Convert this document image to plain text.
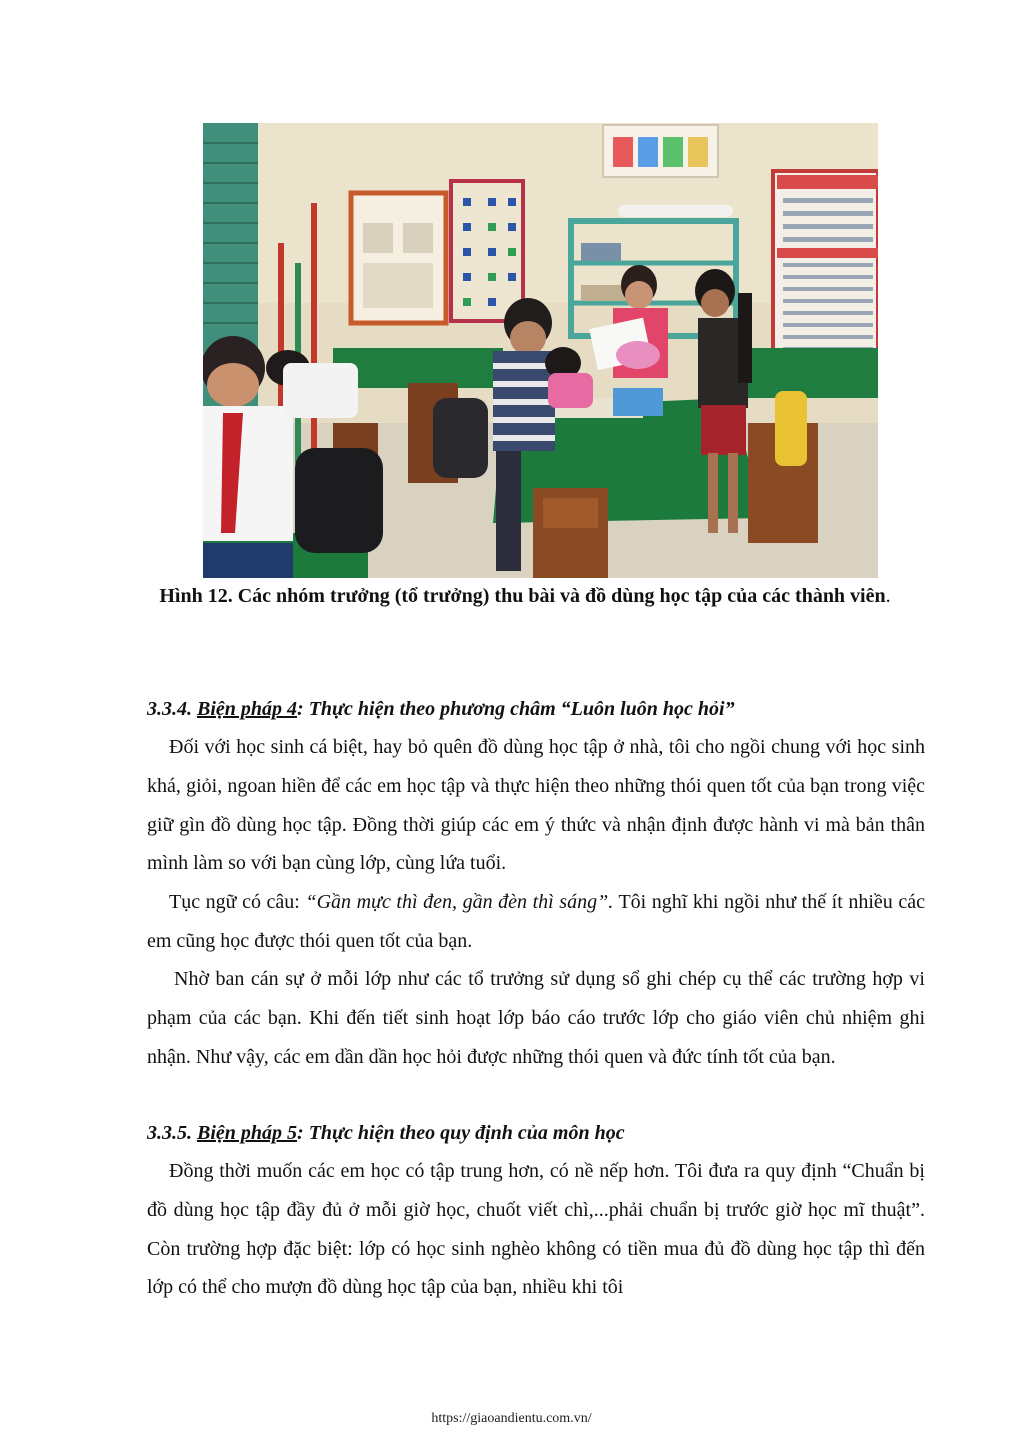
Hình 12. Các nhóm trưởng (tổ trưởng) thu bài và đồ dùng học tập của các thành viên.
3.3.4. Biện pháp 4: Thực hiện theo phương châm “Luôn luôn học hỏi”

Đối với học sinh cá biệt, hay bỏ quên đồ dùng học tập ở nhà, tôi cho ngồi chung với học sinh khá, giỏi, ngoan hiền để các em học tập và thực hiện theo những thói quen tốt của bạn trong việc giữ gìn đồ dùng học tập. Đồng thời giúp các em ý thức và nhận định được hành vi mà bản thân mình làm so với bạn cùng lớp, cùng lứa tuổi.

Tục ngữ có câu: “Gần mực thì đen, gần đèn thì sáng”. Tôi nghĩ khi ngồi như thế ít nhiều các em cũng học được thói quen tốt của bạn.

Nhờ ban cán sự ở mỗi lớp như các tổ trưởng sử dụng sổ ghi chép cụ thể các trường hợp vi phạm của các bạn. Khi đến tiết sinh hoạt lớp báo cáo trước lớp cho giáo viên chủ nhiệm ghi nhận. Như vậy, các em dần dần học hỏi được những thói quen và đức tính tốt của bạn.

3.3.5. Biện pháp 5: Thực hiện theo quy định của môn học

Đồng thời muốn các em học có tập trung hơn, có nề nếp hơn. Tôi đưa ra quy định “Chuẩn bị đồ dùng học tập đầy đủ ở mỗi giờ học, chuốt viết chì,...phải chuẩn bị trước giờ học mĩ thuật”. Còn trường hợp đặc biệt: lớp có học sinh nghèo không có tiền mua đủ đồ dùng học tập thì đến lớp có thể cho mượn đồ dùng học tập của bạn, nhiều khi tôi

https://giaoandientu.com.vn/
